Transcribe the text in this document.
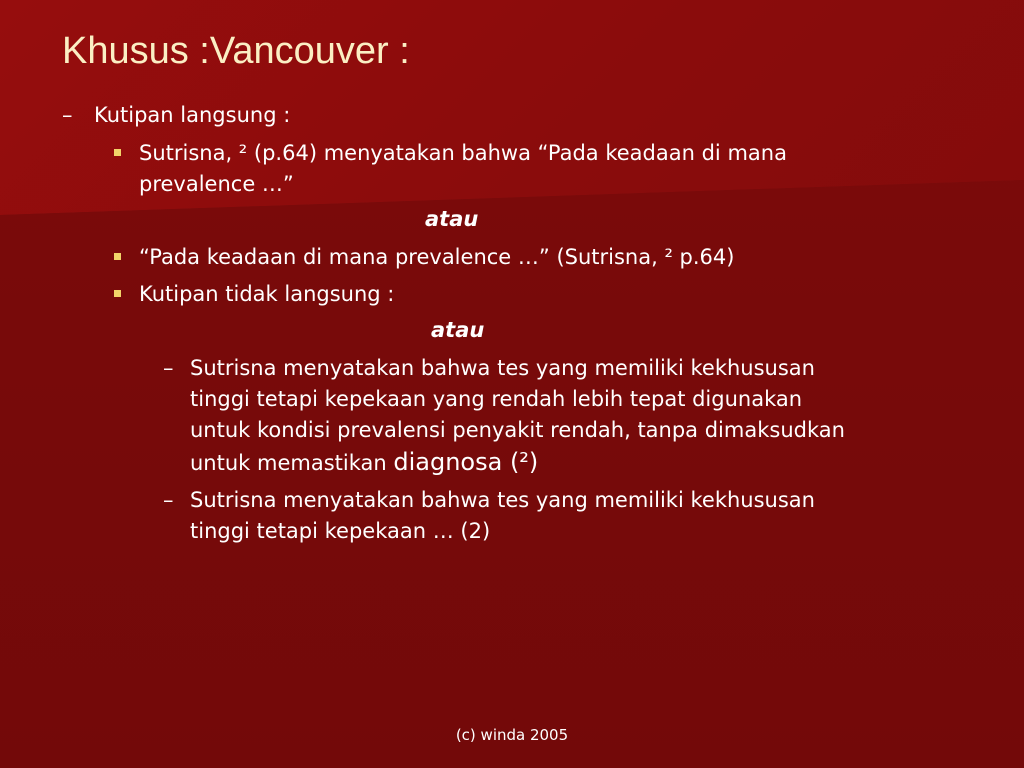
Khusus :Vancouver :
– Kutipan langsung :
Sutrisna, ² (p.64) menyatakan bahwa “Pada keadaan di mana
prevalence …”
atau
“Pada keadaan di mana prevalence …” (Sutrisna, ² p.64)
Kutipan tidak langsung :
atau
– Sutrisna menyatakan bahwa tes yang memiliki kekhususan
tinggi tetapi kepekaan yang rendah lebih tepat digunakan
untuk kondisi prevalensi penyakit rendah, tanpa dimaksudkan
untuk memastikan diagnosa (²)
– Sutrisna menyatakan bahwa tes yang memiliki kekhususan
tinggi tetapi kepekaan … (2)
(c) winda 2005
